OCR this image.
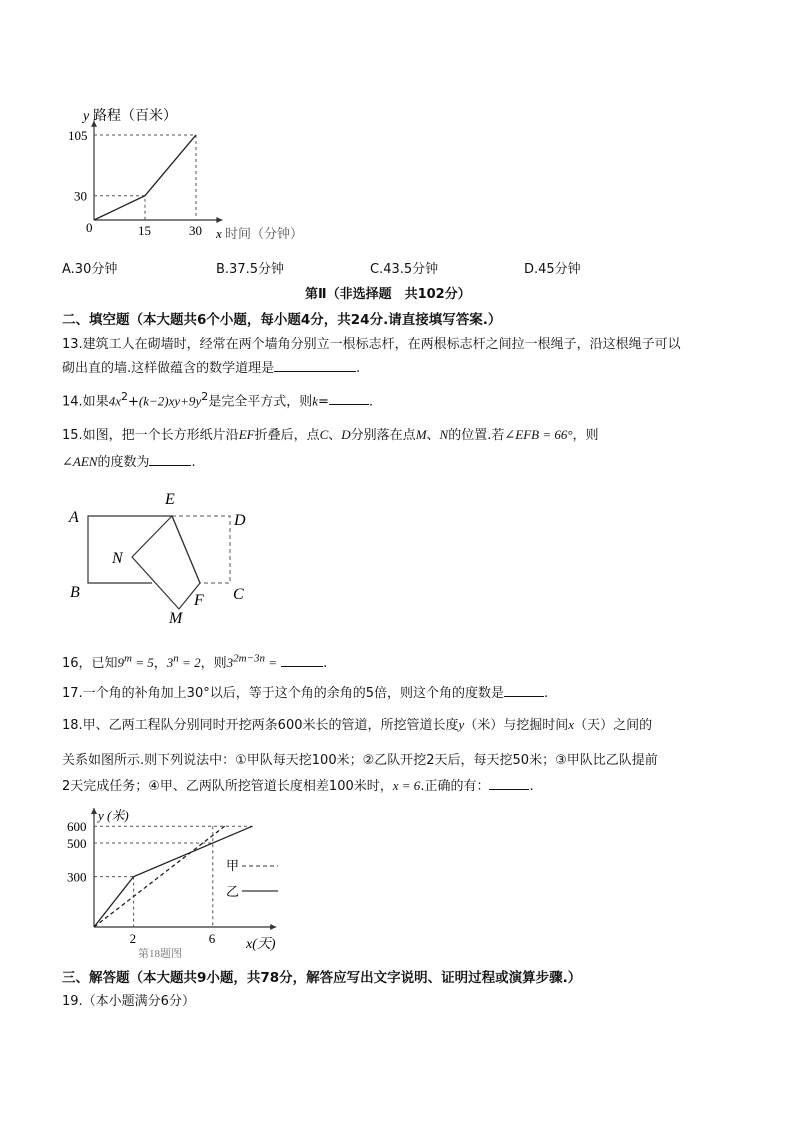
15	30
30
105
y 路程（百米）
x 时间（分钟）
0
A.30分钟	B.37.5分钟	C.43.5分钟	D.45分钟
第Ⅱ（非选择题　共102分）
二、填空题（本大题共6个小题，每小题4分，共24分.请直接填写答案.）
13.建筑工人在砌墙时，经常在两个墙角分别立一根标志杆，在两根标志杆之间拉一根绳子，沿这根绳子可以
砌出直的墙.这样做蕴含的数学道理是	.
14.如果$4x^2+(k-2)xy+9y^2$是完全平方式，则k=	.
15.如图，把一个长方形纸片沿EF折叠后，点C、D分别落在点M、N的位置.若∠EFB = 66°，则
∠AEN的度数为	.
A
E
D
N
B	F C
M
16，已知$9^m = 5$，$3^n = 2$，则$3^{2m-3n}$ =	.
17.一个角的补角加上30°以后，等于这个角的余角的5倍，则这个角的度数是	.
18.甲、乙两工程队分别同时开挖两条600米长的管道，所挖管道长度y（米）与挖掘时间x（天）之间的
关系如图所示.则下列说法中：①甲队每天挖100米；②乙队开挖2天后，每天挖50米；③甲队比乙队提前
2天完成任务；④甲、乙两队所挖管道长度相差100米时，x = 6.正确的有：	.
300
500
600
2	6
y (米)
x(天)
第18题图
甲
乙
三、解答题（本大题共9小题，共78分，解答应写出文字说明、证明过程或演算步骤.）
19.（本小题满分6分）
